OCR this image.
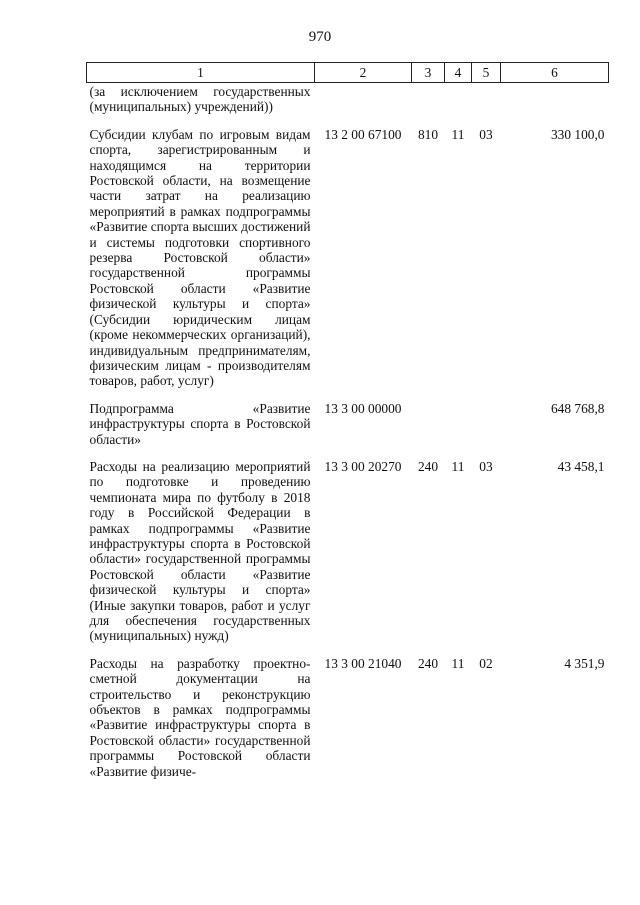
970
1	2	3	4	5	6
(за исключением государственных (муниципальных) учреждений))					
Субсидии клубам по игровым видам спорта, зарегистрированным и находящимся на территории Ростовской области, на возмещение части затрат на реализацию мероприятий в рамках подпрограммы «Развитие спорта высших достижений и системы подготовки спортивного резерва Ростовской области» государственной программы Ростовской области «Развитие физической культуры и спорта» (Субсидии юридическим лицам (кроме некоммерческих организаций), индивидуальным предпринимателям, физическим лицам - производителям товаров, работ, услуг)	13 2 00 67100	810	11	03	330 100,0
Подпрограмма «Развитие инфраструктуры спорта в Ростовской области»	13 3 00 00000				648 768,8
Расходы на реализацию мероприятий по подготовке и проведению чемпионата мира по футболу в 2018 году в Российской Федерации в рамках подпрограммы «Развитие инфраструктуры спорта в Ростовской области» государственной программы Ростовской области «Развитие физической культуры и спорта» (Иные закупки товаров, работ и услуг для обеспечения государственных (муниципальных) нужд)	13 3 00 20270	240	11	03	43 458,1
Расходы на разработку проектно-сметной документации на строительство и реконструкцию объектов в рамках подпрограммы «Развитие инфраструктуры спорта в Ростовской области» государственной программы Ростовской области «Развитие физиче-	13 3 00 21040	240	11	02	4 351,9
